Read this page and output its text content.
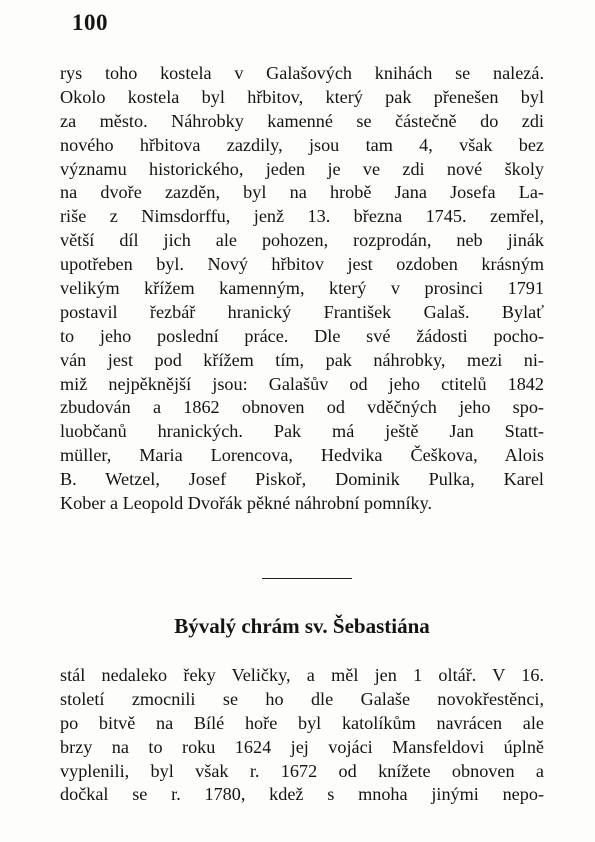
100
rys toho kostela v Galašových knihách se nalezá.
Okolo kostela byl hřbitov, který pak přenešen byl
za město. Náhrobky kamenné se částečně do zdi
nového hřbitova zazdily, jsou tam 4, však bez
významu historického, jeden je ve zdi nové školy
na dvoře zazděn, byl na hrobě Jana Josefa La-
riše z Nimsdorffu, jenž 13. března 1745. zemřel,
větší díl jich ale pohozen, rozprodán, neb jinák
upotřeben byl. Nový hřbitov jest ozdoben krásným
velikým křížem kamenným, který v prosinci 1791
postavil řezbář hranický František Galaš. Bylať
to jeho poslední práce. Dle své žádosti pocho-
ván jest pod křížem tím, pak náhrobky, mezi ni-
miž nejpěknější jsou: Galašův od jeho ctitelů 1842
zbudován a 1862 obnoven od vděčných jeho spo-
luobčanů hranických. Pak má ještě Jan Statt-
müller, Maria Lorencova, Hedvika Češkova, Alois
B. Wetzel, Josef Piskoř, Dominik Pulka, Karel
Kober a Leopold Dvořák pěkné náhrobní pomníky.
Bývalý chrám sv. Šebastiána
stál nedaleko řeky Veličky, a měl jen 1 oltář. V 16.
století zmocnili se ho dle Galaše novokřestěnci,
po bitvě na Bílé hoře byl katolíkům navrácen ale
brzy na to roku 1624 jej vojáci Mansfeldovi úplně
vyplenili, byl však r. 1672 od knížete obnoven a
dočkal se r. 1780, kdež s mnoha jinými nepo-
